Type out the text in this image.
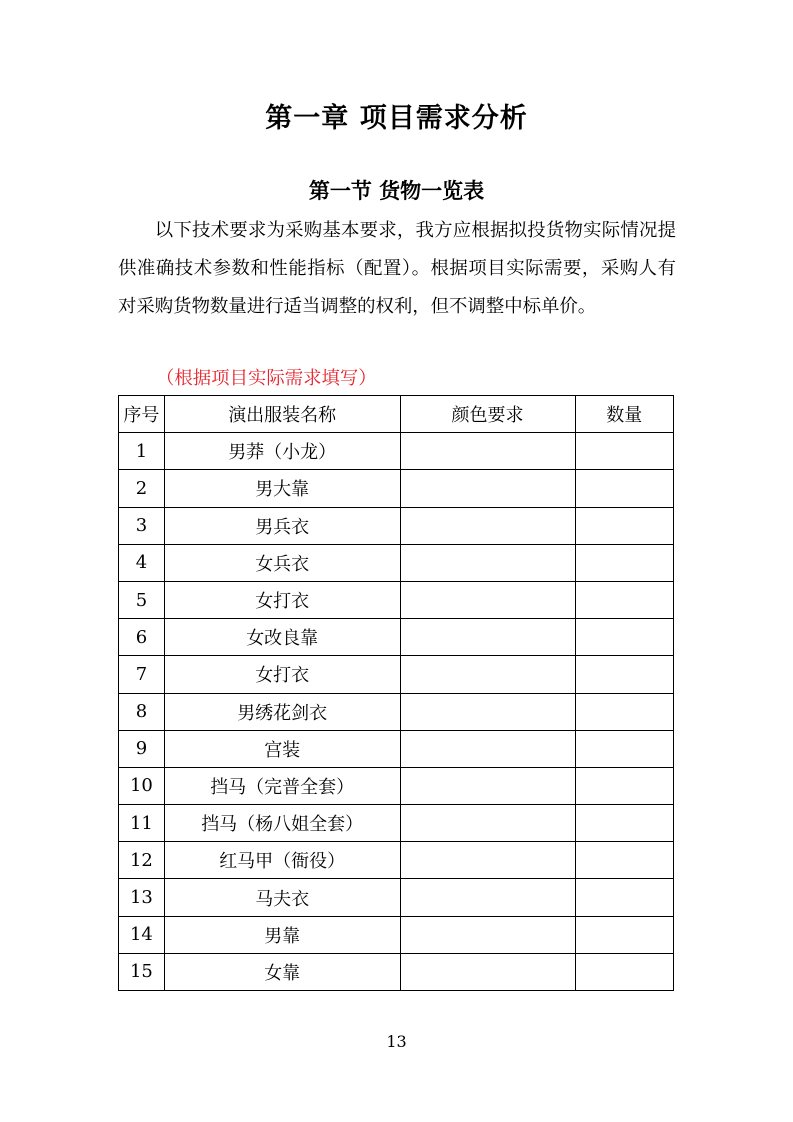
第一章 项目需求分析
第一节 货物一览表
以下技术要求为采购基本要求，我方应根据拟投货物实际情况提供准确技术参数和性能指标（配置）。根据项目实际需要，采购人有对采购货物数量进行适当调整的权利，但不调整中标单价。
（根据项目实际需求填写）
序号	演出服装名称	颜色要求	数量
1	男莽（小龙）		
2	男大靠		
3	男兵衣		
4	女兵衣		
5	女打衣		
6	女改良靠		
7	女打衣		
8	男绣花剑衣		
9	宫装		
10	挡马（完普全套）		
11	挡马（杨八姐全套）		
12	红马甲（衙役）		
13	马夫衣		
14	男靠		
15	女靠		
13
